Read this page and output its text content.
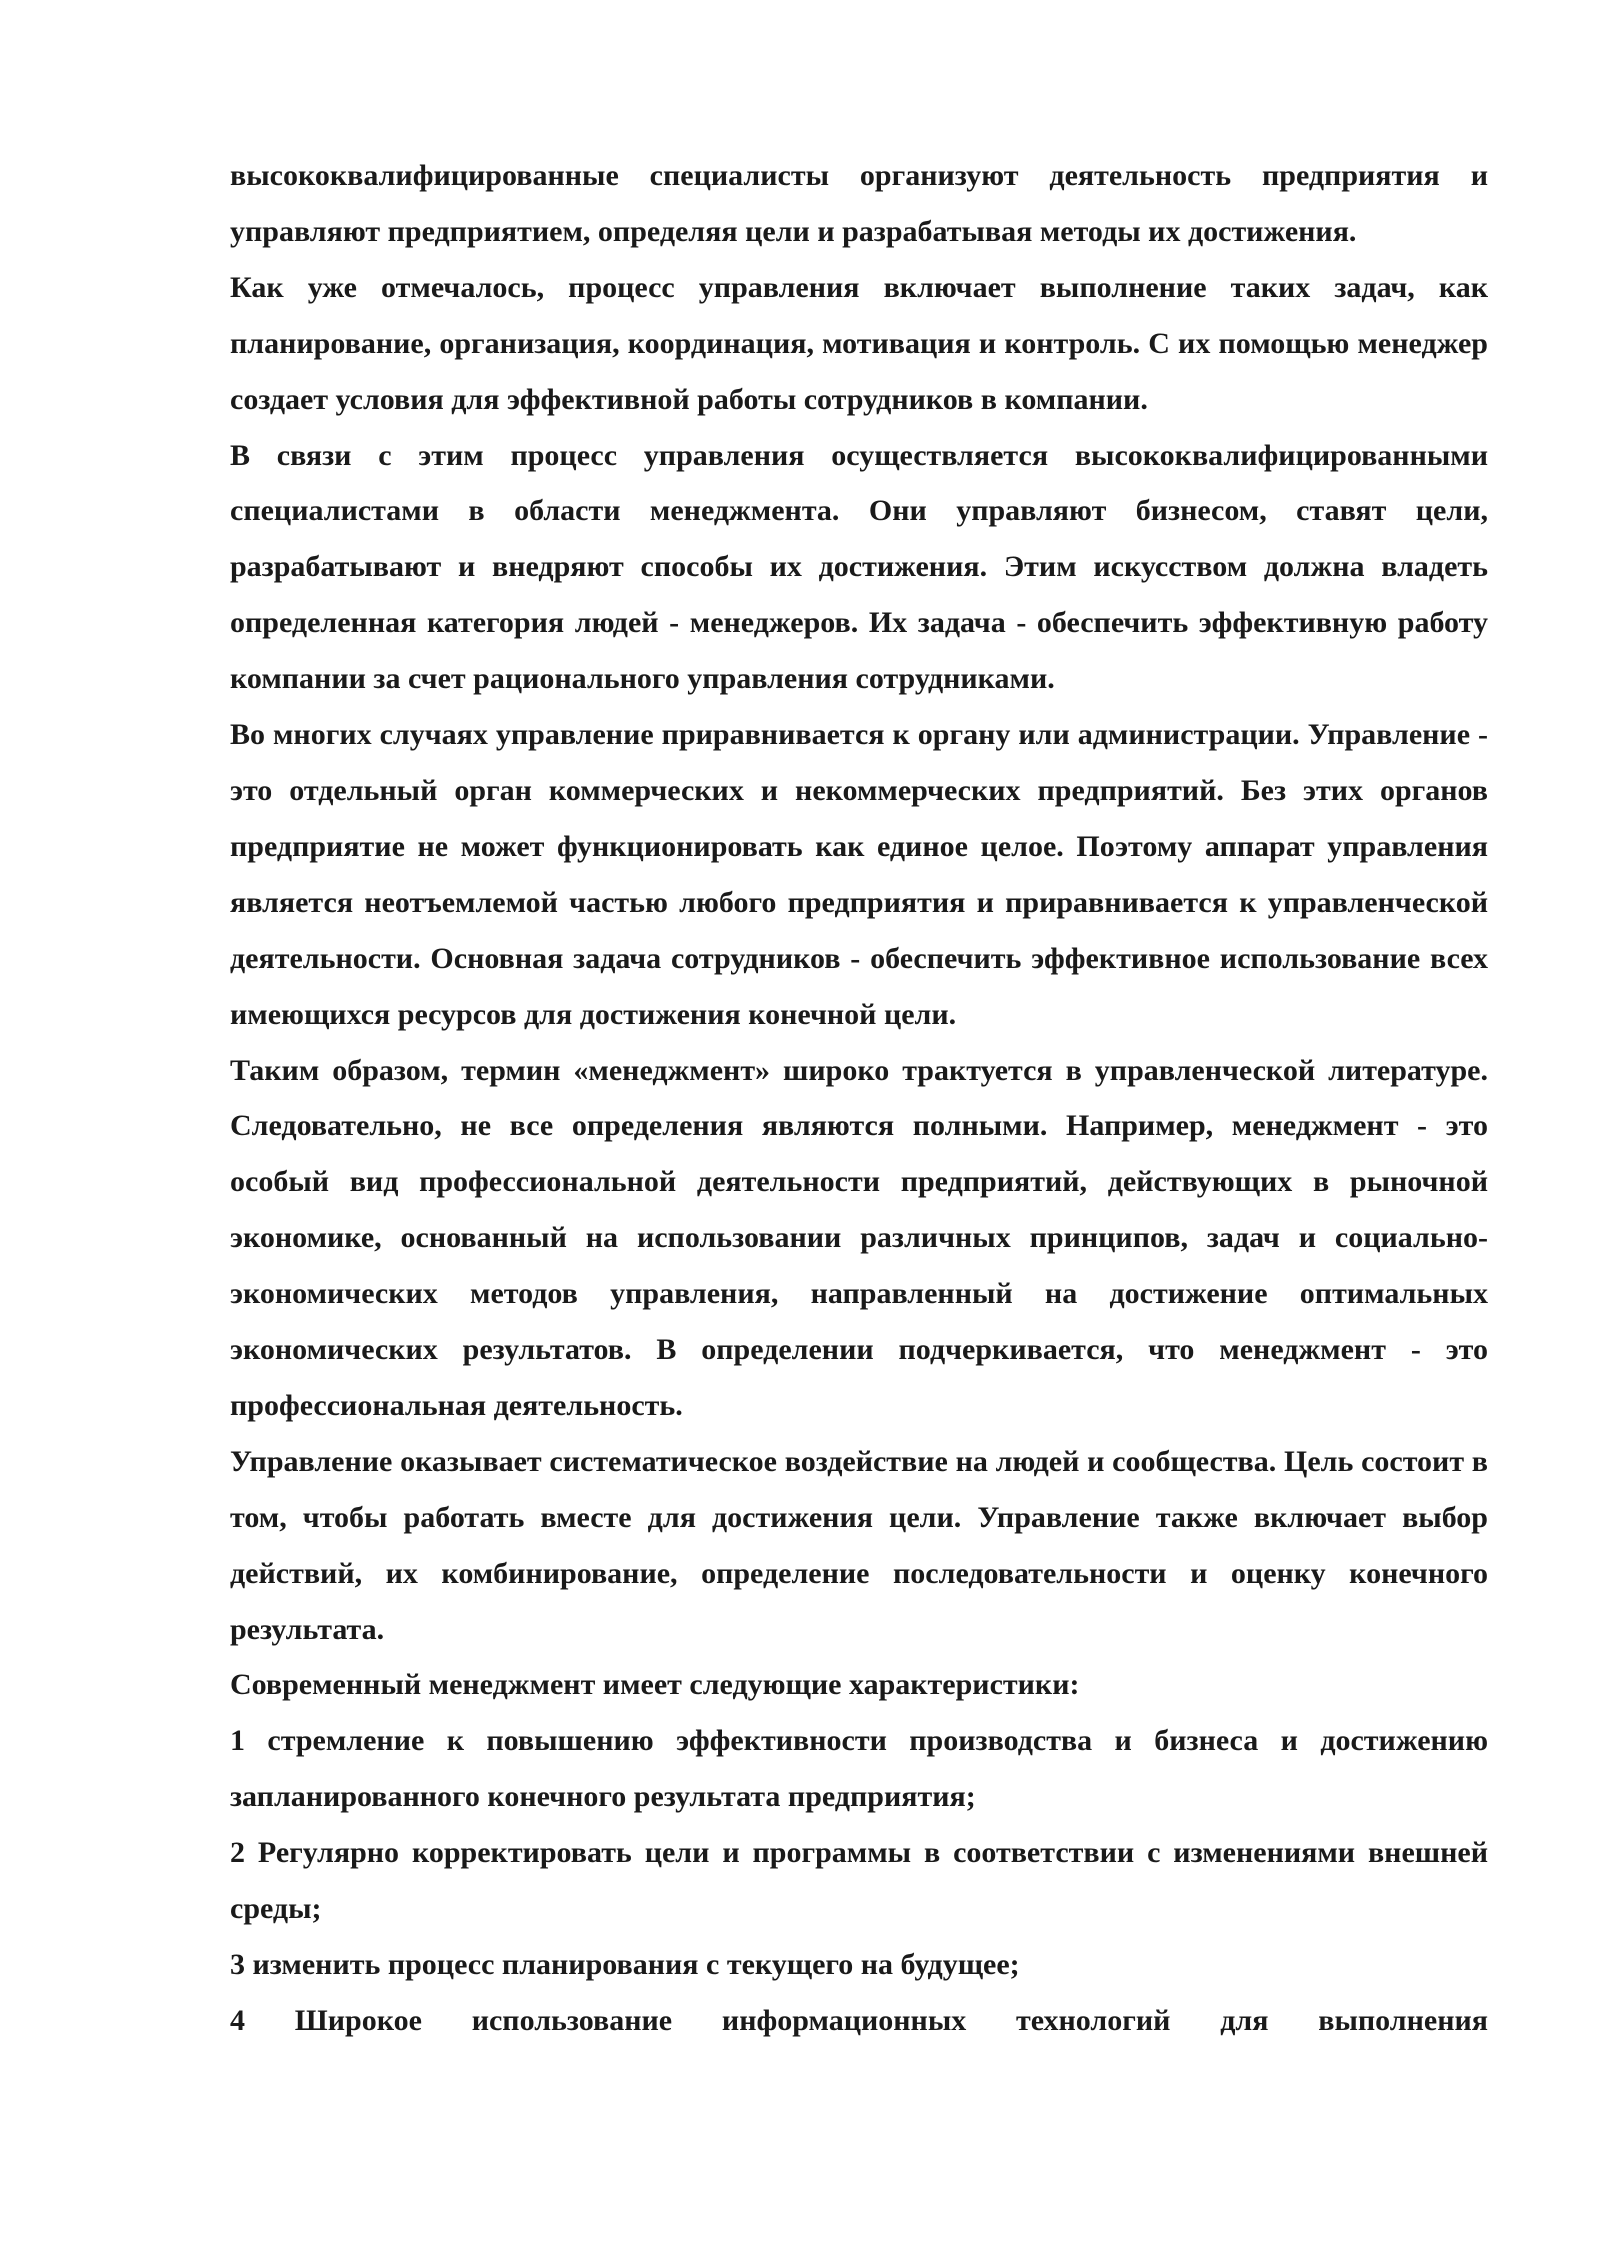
высококвалифицированные специалисты организуют деятельность предприятия и управляют предприятием, определяя цели и разрабатывая методы их достижения.

Как уже отмечалось, процесс управления включает выполнение таких задач, как планирование, организация, координация, мотивация и контроль. С их помощью менеджер создает условия для эффективной работы сотрудников в компании.

В связи с этим процесс управления осуществляется высококвалифицированными специалистами в области менеджмента. Они управляют бизнесом, ставят цели, разрабатывают и внедряют способы их достижения. Этим искусством должна владеть определенная категория людей - менеджеров. Их задача - обеспечить эффективную работу компании за счет рационального управления сотрудниками.

Во многих случаях управление приравнивается к органу или администрации. Управление - это отдельный орган коммерческих и некоммерческих предприятий. Без этих органов предприятие не может функционировать как единое целое. Поэтому аппарат управления является неотъемлемой частью любого предприятия и приравнивается к управленческой деятельности. Основная задача сотрудников - обеспечить эффективное использование всех имеющихся ресурсов для достижения конечной цели.

Таким образом, термин «менеджмент» широко трактуется в управленческой литературе. Следовательно, не все определения являются полными. Например, менеджмент - это особый вид профессиональной деятельности предприятий, действующих в рыночной экономике, основанный на использовании различных принципов, задач и социально-экономических методов управления, направленный на достижение оптимальных экономических результатов. В определении подчеркивается, что менеджмент - это профессиональная деятельность.

Управление оказывает систематическое воздействие на людей и сообщества. Цель состоит в том, чтобы работать вместе для достижения цели. Управление также включает выбор действий, их комбинирование, определение последовательности и оценку конечного результата.

Современный менеджмент имеет следующие характеристики:

1 стремление к повышению эффективности производства и бизнеса и достижению запланированного конечного результата предприятия;

2 Регулярно корректировать цели и программы в соответствии с изменениями внешней среды;

3 изменить процесс планирования с текущего на будущее;

4 Широкое использование информационных технологий для выполнения
